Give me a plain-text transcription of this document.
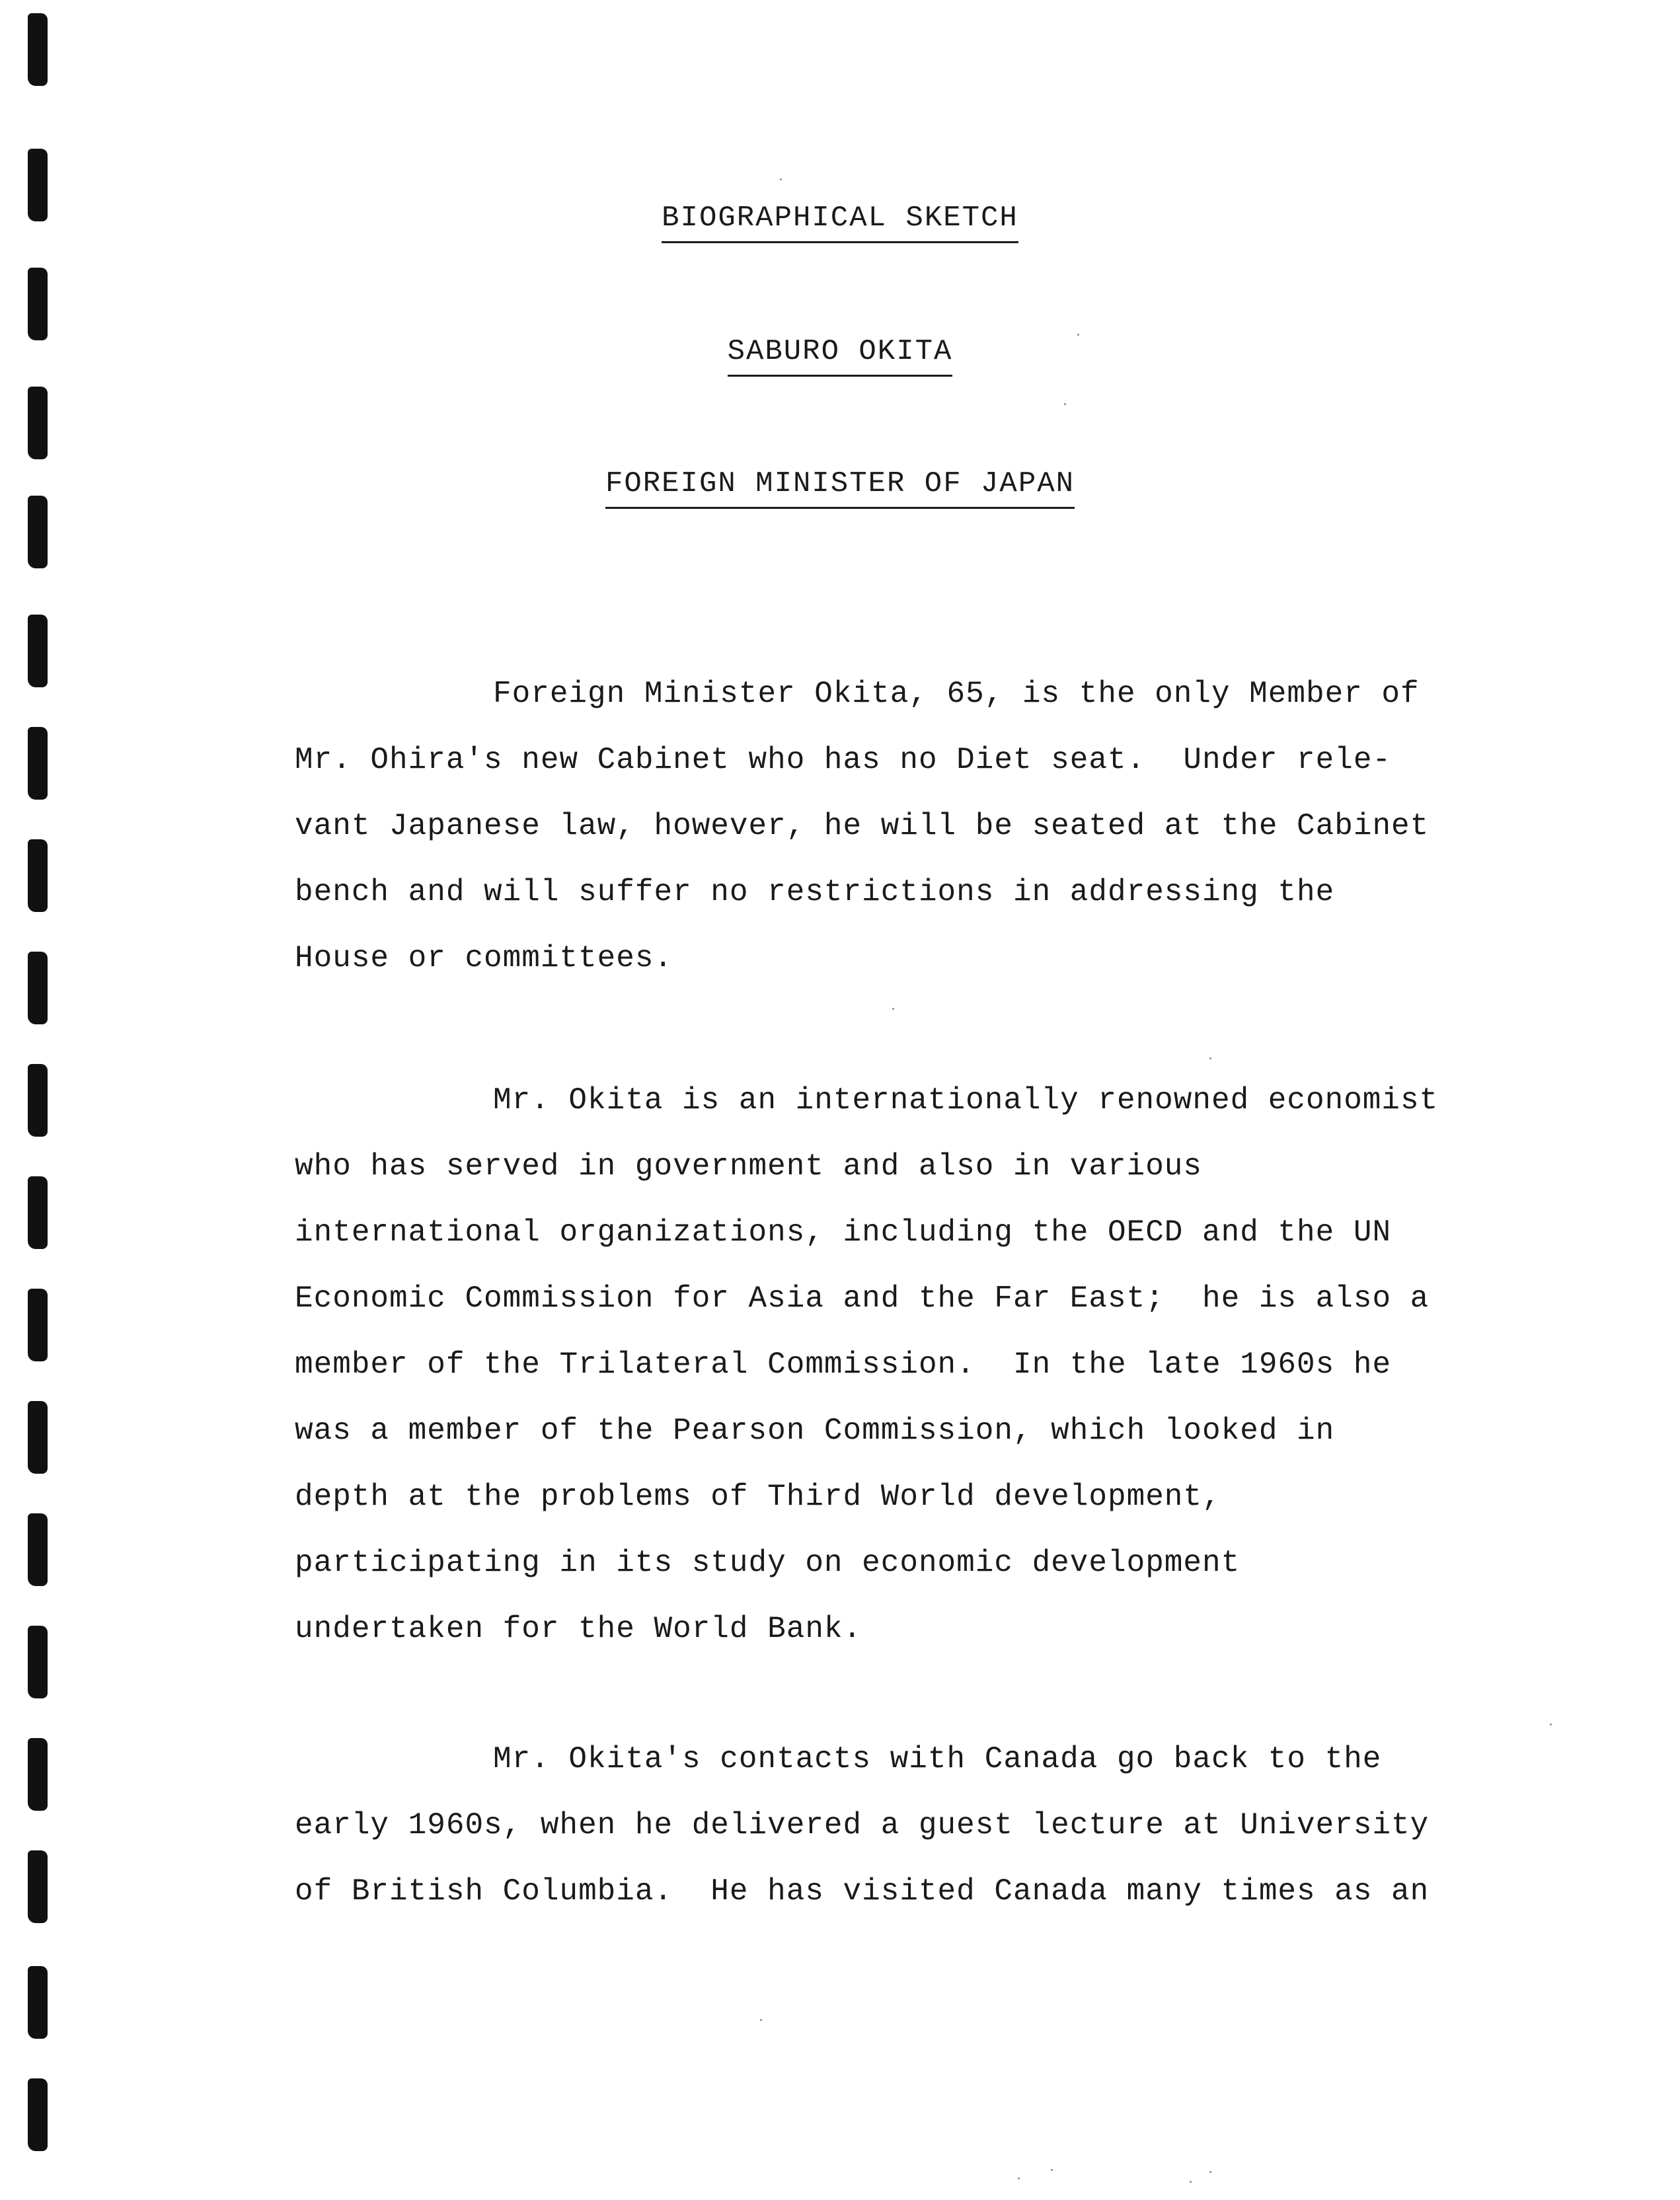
BIOGRAPHICAL SKETCH
SABURO OKITA
FOREIGN MINISTER OF JAPAN

Foreign Minister Okita, 65, is the only Member of
Mr. Ohira's new Cabinet who has no Diet seat.  Under rele-
vant Japanese law, however, he will be seated at the Cabinet
bench and will suffer no restrictions in addressing the
House or committees.

Mr. Okita is an internationally renowned economist
who has served in government and also in various
international organizations, including the OECD and the UN
Economic Commission for Asia and the Far East;  he is also a
member of the Trilateral Commission.  In the late 1960s he
was a member of the Pearson Commission, which looked in
depth at the problems of Third World development,
participating in its study on economic development
undertaken for the World Bank.

Mr. Okita's contacts with Canada go back to the
early 1960s, when he delivered a guest lecture at University
of British Columbia.  He has visited Canada many times as an
